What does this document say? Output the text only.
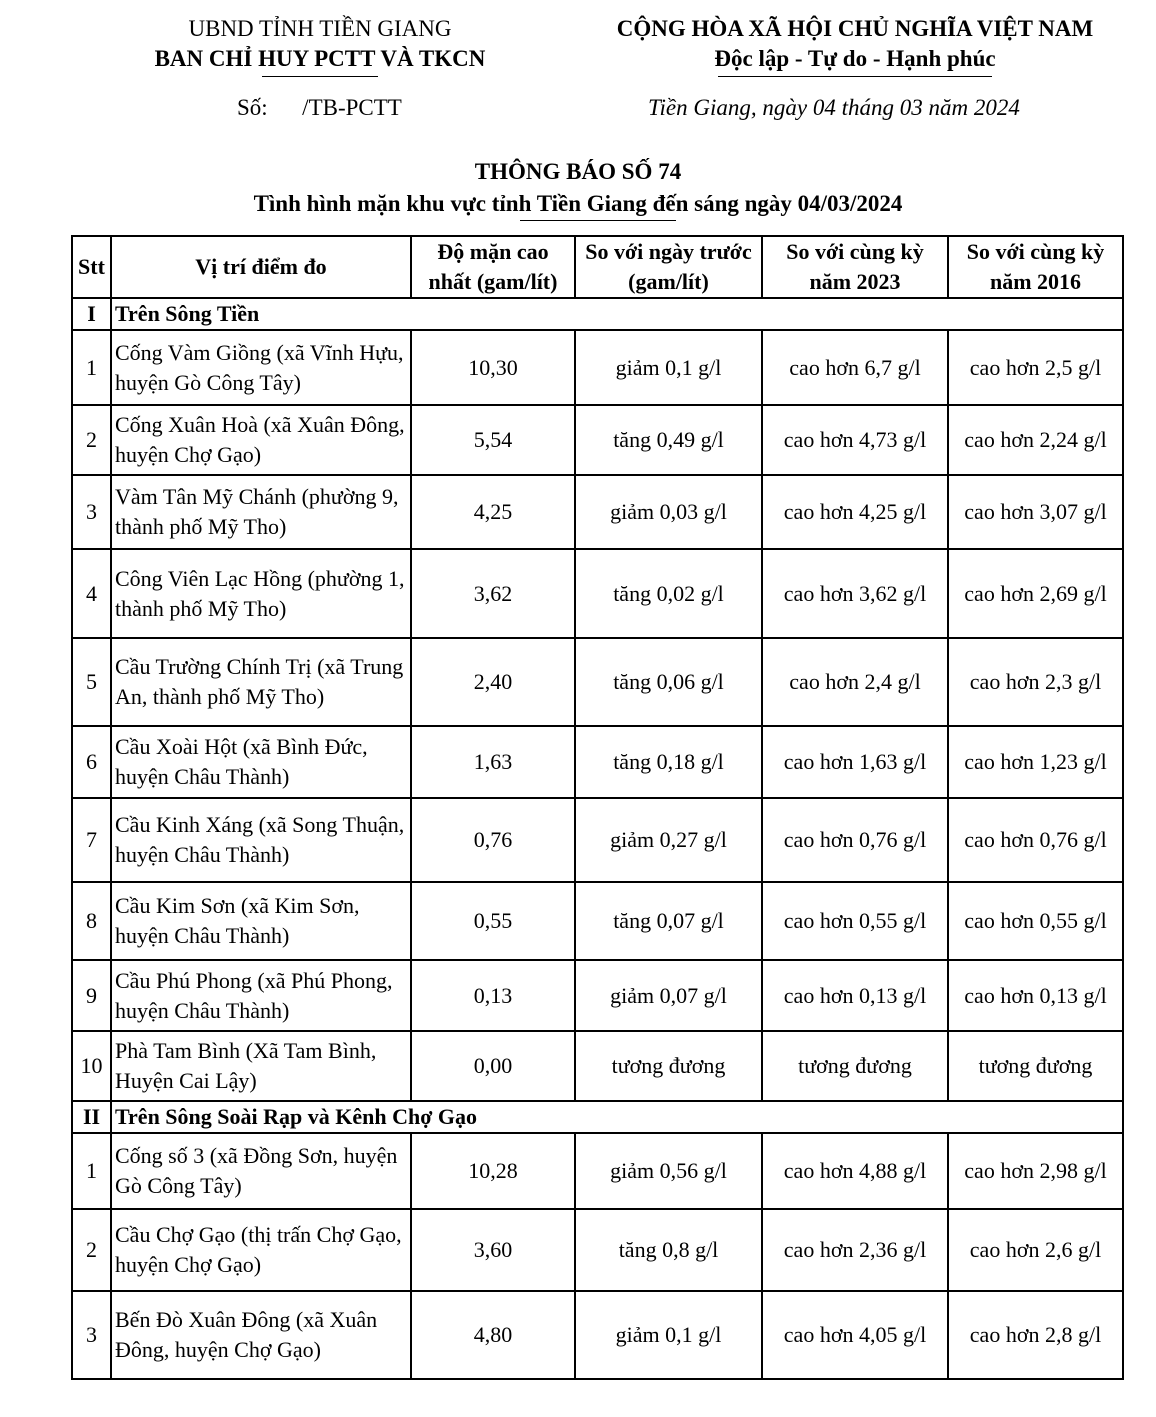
UBND TỈNH TIỀN GIANG
BAN CHỈ HUY PCTT VÀ TKCN
CỘNG HÒA XÃ HỘI CHỦ NGHĨA VIỆT NAM
Độc lập - Tự do - Hạnh phúc
Số:      /TB-PCTT	Tiền Giang, ngày 04 tháng 03 năm 2024
THÔNG BÁO SỐ 74
Tình hình mặn khu vực tỉnh Tiền Giang đến sáng ngày 04/03/2024
Stt	Vị trí điểm đo	Độ mặn cao nhất (gam/lít)	So với ngày trước (gam/lít)	So với cùng kỳ năm 2023	So với cùng kỳ năm 2016
I	Trên Sông Tiền				
1	Cống Vàm Giồng (xã Vĩnh Hựu, huyện Gò Công Tây)	10,30	giảm 0,1 g/l	cao hơn 6,7 g/l	cao hơn 2,5 g/l
2	Cống Xuân Hoà (xã Xuân Đông, huyện Chợ Gạo)	5,54	tăng 0,49 g/l	cao hơn 4,73 g/l	cao hơn 2,24 g/l
3	Vàm Tân Mỹ Chánh (phường 9, thành phố Mỹ Tho)	4,25	giảm 0,03 g/l	cao hơn 4,25 g/l	cao hơn 3,07 g/l
4	Công Viên Lạc Hồng (phường 1, thành phố Mỹ Tho)	3,62	tăng 0,02 g/l	cao hơn 3,62 g/l	cao hơn 2,69 g/l
5	Cầu Trường Chính Trị (xã Trung An, thành phố Mỹ Tho)	2,40	tăng 0,06 g/l	cao hơn 2,4 g/l	cao hơn 2,3 g/l
6	Cầu Xoài Hột (xã Bình Đức, huyện Châu Thành)	1,63	tăng 0,18 g/l	cao hơn 1,63 g/l	cao hơn 1,23 g/l
7	Cầu Kinh Xáng (xã Song Thuận, huyện Châu Thành)	0,76	giảm 0,27 g/l	cao hơn 0,76 g/l	cao hơn 0,76 g/l
8	Cầu Kim Sơn (xã Kim Sơn, huyện Châu Thành)	0,55	tăng 0,07 g/l	cao hơn 0,55 g/l	cao hơn 0,55 g/l
9	Cầu Phú Phong (xã Phú Phong, huyện Châu Thành)	0,13	giảm 0,07 g/l	cao hơn 0,13 g/l	cao hơn 0,13 g/l
10	Phà Tam Bình (Xã Tam Bình, Huyện Cai Lậy)	0,00	tương đương	tương đương	tương đương
II	Trên Sông Soài Rạp và Kênh Chợ Gạo				
1	Cống số 3 (xã Đồng Sơn, huyện Gò Công Tây)	10,28	giảm 0,56 g/l	cao hơn 4,88 g/l	cao hơn 2,98 g/l
2	Cầu Chợ Gạo (thị trấn Chợ Gạo, huyện Chợ Gạo)	3,60	tăng 0,8 g/l	cao hơn 2,36 g/l	cao hơn 2,6 g/l
3	Bến Đò Xuân Đông (xã Xuân Đông, huyện Chợ Gạo)	4,80	giảm 0,1 g/l	cao hơn 4,05 g/l	cao hơn 2,8 g/l
